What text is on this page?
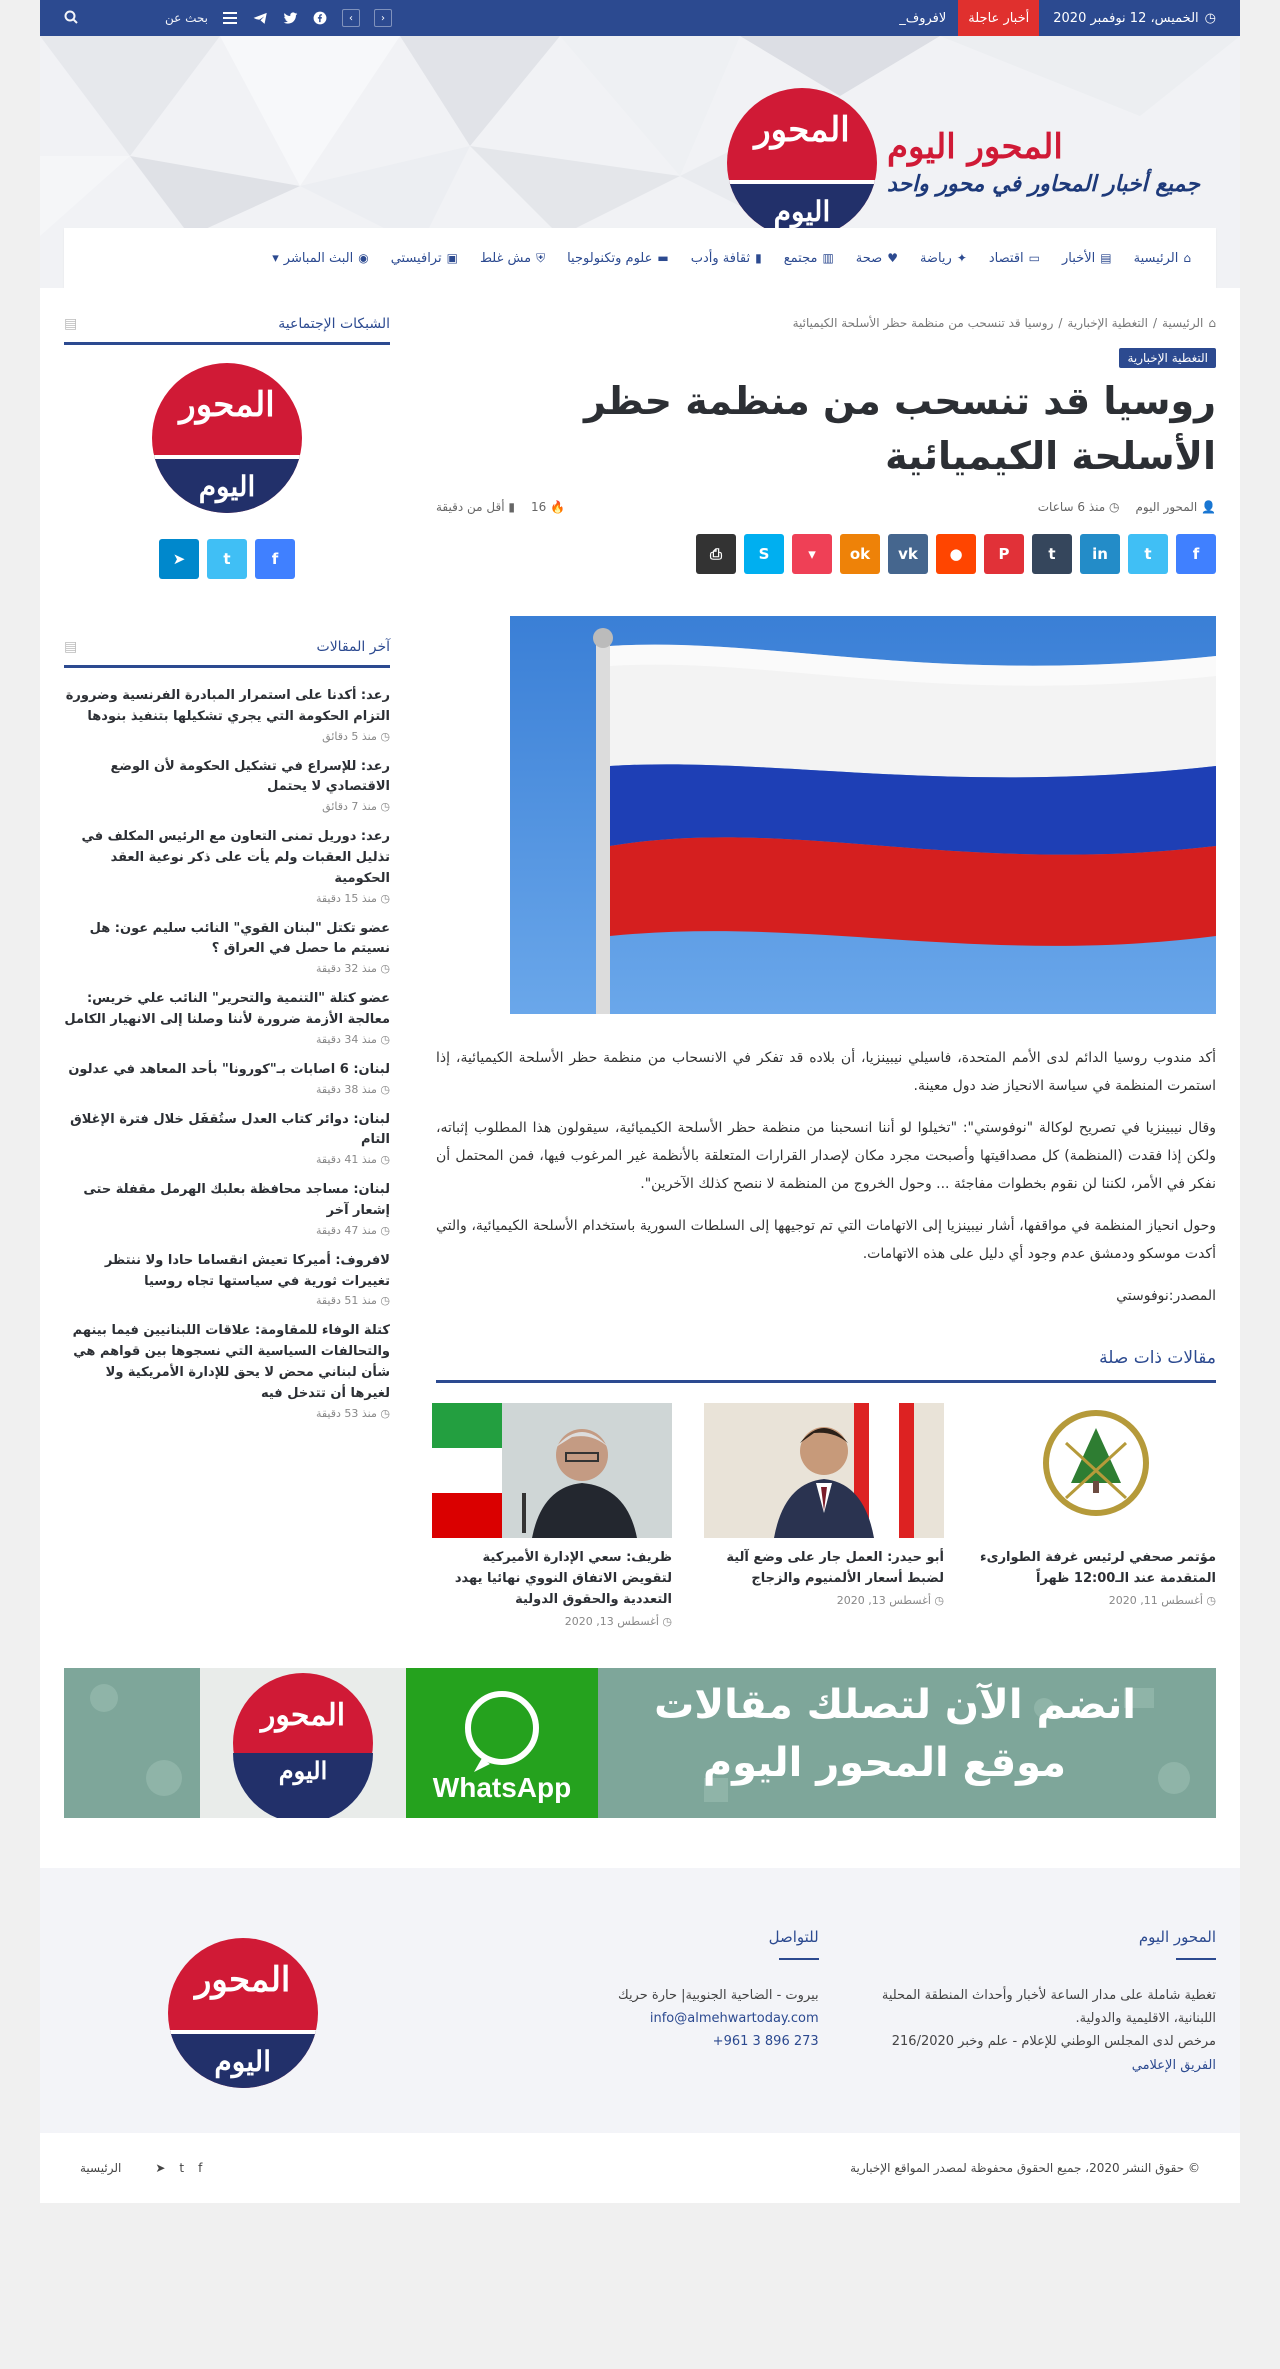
◷
الخميس، 12 نوفمبر 2020
أخبار عاجلة
لافروف_
‹
›
بحث عن
المحور اليوم
جميع أخبار المحاور في محور واحد
المحور
اليوم
⌂
الرئيسية
▤
الأخبار
▭
اقتصاد
✦
رياضة
♥
صحة
▥
مجتمع
▮
ثقافة وأدب
▬
علوم وتكنولوجيا
⛨
مش غلط
▣
ترافيستي
◉
البث المباشر
▾
⌂
الرئيسية
/
التغطية الإخبارية
/
روسيا قد تنسحب من منظمة حظر الأسلحة الكيميائية
التغطية الإخبارية
روسيا قد تنسحب من منظمة حظر الأسلحة الكيميائية
👤 المحور اليوم
◷ منذ 6 ساعات
🔥 16
▮ أقل من دقيقة
f
t
in
t
P
●
vk
ok
▾
S
⎙

أكد مندوب روسيا الدائم لدى الأمم المتحدة، فاسيلي نيبينزيا، أن بلاده قد تفكر في الانسحاب من منظمة حظر الأسلحة الكيميائية، إذا استمرت المنظمة في سياسة الانحياز ضد دول معينة.

وقال نيبينزيا في تصريح لوكالة "نوفوستي": "تخيلوا لو أننا انسحبنا من منظمة حظر الأسلحة الكيميائية، سيقولون هذا المطلوب إثباته، ولكن إذا فقدت (المنظمة) كل مصداقيتها وأصبحت مجرد مكان لإصدار القرارات المتعلقة بالأنظمة غير المرغوب فيها، فمن المحتمل أن نفكر في الأمر، لكننا لن نقوم بخطوات مفاجئة ... وحول الخروج من المنظمة لا ننصح كذلك الآخرين".

وحول انحياز المنظمة في مواقفها، أشار نيبينزيا إلى الاتهامات التي تم توجيهها إلى السلطات السورية باستخدام الأسلحة الكيميائية، والتي أكدت موسكو ودمشق عدم وجود أي دليل على هذه الاتهامات.

المصدر:نوفوستي

مقالات ذات صلة
مؤتمر صحفي لرئيس غرفة الطوارىء المتقدمة عند الـ12:00 ظهراً
◷ أغسطس 11, 2020
أبو حيدر: العمل جار على وضع آلية لضبط أسعار الألمنيوم والزجاج
◷ أغسطس 13, 2020
ظريف: سعي الإدارة الأميركية لتقويض الاتفاق النووي نهائيا يهدد التعددية والحقوق الدولية
◷ أغسطس 13, 2020
الشبكات الإجتماعية
▤
المحور
اليوم
f
t
➤
آخر المقالات
▤
رعد: أكدنا على استمرار المبادرة الفرنسية وضرورة التزام الحكومة التي يجري تشكيلها بتنفيذ بنودها
◷ منذ 5 دقائق
رعد: للإسراع في تشكيل الحكومة لأن الوضع الاقتصادي لا يحتمل
◷ منذ 7 دقائق
رعد: دوريل تمنى التعاون مع الرئيس المكلف في تذليل العقبات ولم يأت على ذكر نوعية العقد الحكومية
◷ منذ 15 دقيقة
عضو تكتل "لبنان القوي" النائب سليم عون: هل نسيتم ما حصل في العراق ؟
◷ منذ 32 دقيقة
عضو كتلة "التنمية والتحرير" النائب علي خريس: معالجة الأزمة ضرورة لأننا وصلنا إلى الانهيار الكامل
◷ منذ 34 دقيقة
لبنان: 6 اصابات بـ"كورونا" بأحد المعاهد في عدلون
◷ منذ 38 دقيقة
لبنان: دوائر كتاب العدل ستُقفَل خلال فترة الإغلاق التام
◷ منذ 41 دقيقة
لبنان: مساجد محافظة بعلبك الهرمل مقفلة حتى إشعار آخر
◷ منذ 47 دقيقة
لافروف: أميركا تعيش انقساما حادا ولا ننتظر تغييرات ثورية في سياستها تجاه روسيا
◷ منذ 51 دقيقة
كتلة الوفاء للمقاومة: علاقات اللبنانيين فيما بينهم والتحالفات السياسية التي نسجوها بين قواهم هي شأن لبناني محض لا يحق للإدارة الأمريكية ولا لغيرها أن تتدخل فيه
◷ منذ 53 دقيقة
المحور
اليوم
WhatsApp
انضم الآن لتصلك مقالات
موقع المحور اليوم
المحور اليوم
تغطية شاملة على مدار الساعة لأخبار وأحداث المنطقة المحلية اللبنانية، الاقليمية والدولية.
مرخص لدى المجلس الوطني للإعلام - علم وخبر 216/2020
الفريق الإعلامي
للتواصل
بيروت - الضاحية الجنوبية| حارة حريك
info@almehwartoday.com
+961 3 896 273
المحور
اليوم
© حقوق النشر 2020، جميع الحقوق محفوظة لمصدر المواقع الإخبارية
f
t
➤
الرئيسية
